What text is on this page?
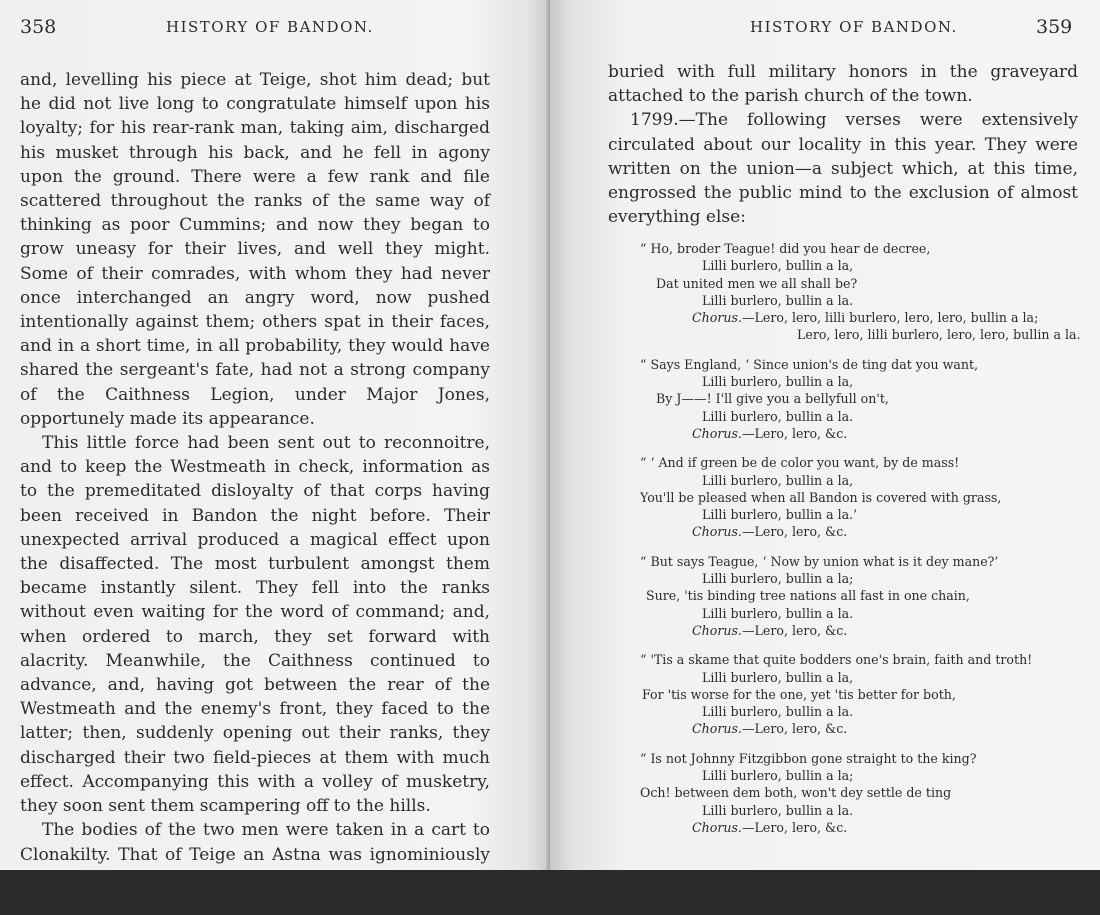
358	HISTORY OF BANDON.

and, levelling his piece at Teige, shot him dead; but he did not live long to congratulate himself upon his loyalty; for his rear-rank man, taking aim, discharged his musket through his back, and he fell in agony upon the ground. There were a few rank and file scattered throughout the ranks of the same way of thinking as poor Cummins; and now they began to grow uneasy for their lives, and well they might. Some of their comrades, with whom they had never once interchanged an angry word, now pushed intentionally against them; others spat in their faces, and in a short time, in all probability, they would have shared the sergeant's fate, had not a strong company of the Caithness Legion, under Major Jones, opportunely made its appearance.

This little force had been sent out to reconnoitre, and to keep the Westmeath in check, information as to the premeditated disloyalty of that corps having been received in Bandon the night before. Their unexpected arrival produced a magical effect upon the disaffected. The most turbulent amongst them became instantly silent. They fell into the ranks without even waiting for the word of command; and, when ordered to march, they set forward with alacrity. Meanwhile, the Caithness continued to advance, and, having got between the rear of the Westmeath and the enemy's front, they faced to the latter; then, suddenly opening out their ranks, they discharged their two field-pieces at them with much effect. Accompanying this with a volley of musketry, they soon sent them scampering off to the hills.

The bodies of the two men were taken in a cart to Clonakilty. That of Teige an Astna was ignominiously flung into a pool of water in the Strand, called Crab Hole; but the remains of Sergeant Cummins were

HISTORY OF BANDON.	359

buried with full military honors in the graveyard attached to the parish church of the town.

1799.—The following verses were extensively circulated about our locality in this year. They were written on the union—a subject which, at this time, engrossed the public mind to the exclusion of almost everything else:

“ Ho, broder Teague! did you hear de decree,
Lilli burlero, bullin a la,
Dat united men we all shall be?
Lilli burlero, bullin a la.
Chorus.—Lero, lero, lilli burlero, lero, lero, bullin a la;
Lero, lero, lilli burlero, lero, lero, bullin a la.
“ Says England, ‘ Since union's de ting dat you want,
Lilli burlero, bullin a la,
By J——! I'll give you a bellyfull on't,
Lilli burlero, bullin a la.
Chorus.—Lero, lero, &c.
“ ‘ And if green be de color you want, by de mass!
Lilli burlero, bullin a la,
You'll be pleased when all Bandon is covered with grass,
Lilli burlero, bullin a la.’
Chorus.—Lero, lero, &c.
“ But says Teague, ‘ Now by union what is it dey mane?’
Lilli burlero, bullin a la;
Sure, 'tis binding tree nations all fast in one chain,
Lilli burlero, bullin a la.
Chorus.—Lero, lero, &c.
“ 'Tis a skame that quite bodders one's brain, faith and troth!
Lilli burlero, bullin a la,
For 'tis worse for the one, yet 'tis better for both,
Lilli burlero, bullin a la.
Chorus.—Lero, lero, &c.
“ Is not Johnny Fitzgibbon gone straight to the king?
Lilli burlero, bullin a la;
Och! between dem both, won't dey settle de ting
Lilli burlero, bullin a la.
Chorus.—Lero, lero, &c.
